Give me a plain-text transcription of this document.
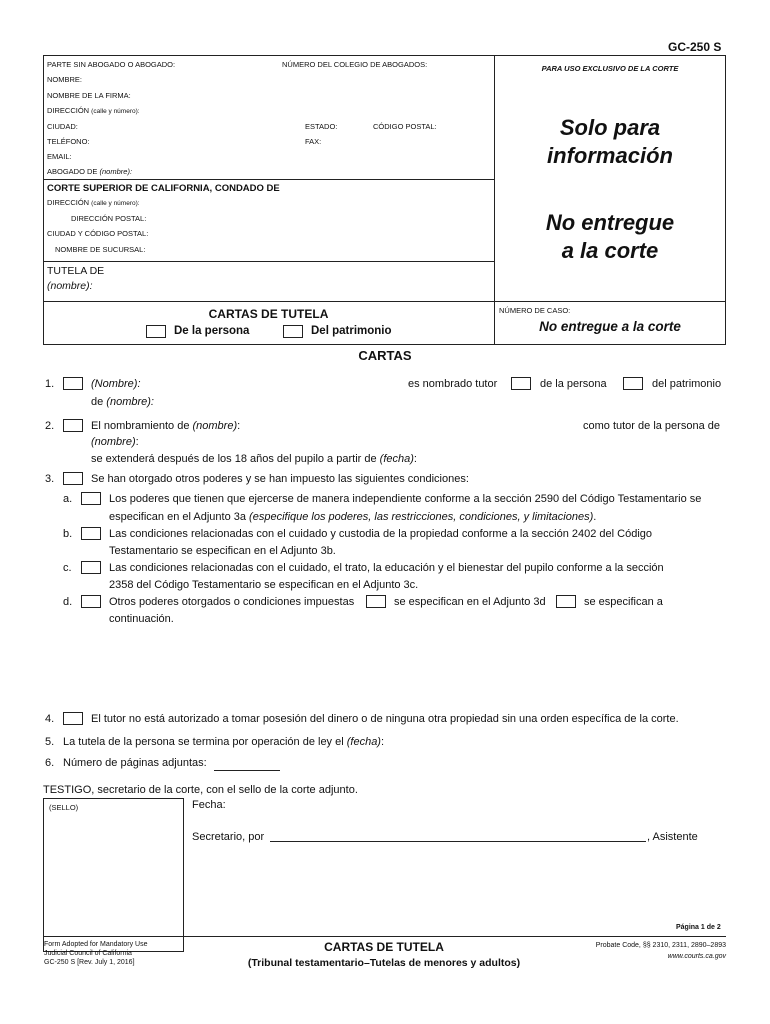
GC-250 S
PARTE SIN ABOGADO O ABOGADO:	NÚMERO DEL COLEGIO DE ABOGADOS:
NOMBRE:
NOMBRE DE LA FIRMA:
DIRECCIÓN (calle y número):
CIUDAD:	ESTADO:	CÓDIGO POSTAL:
TELÉFONO:	FAX:
EMAIL:
ABOGADO DE (nombre):
PARA USO EXCLUSIVO DE LA CORTE
Solo para
información
No entregue
a la corte
CORTE SUPERIOR DE CALIFORNIA, CONDADO DE
DIRECCIÓN (calle y número):
DIRECCIÓN POSTAL:
CIUDAD Y CÓDIGO POSTAL:
NOMBRE DE SUCURSAL:
TUTELA DE
(nombre):
CARTAS DE TUTELA
De la persona	Del patrimonio
NÚMERO DE CASO:
No entregue a la corte
CARTAS
1.	(Nombre):	es nombrado tutor	de la persona	del patrimonio
de (nombre):
2.	El nombramiento de (nombre):	como tutor de la persona de
(nombre):
se extenderá después de los 18 años del pupilo a partir de (fecha):
3.	Se han otorgado otros poderes y se han impuesto las siguientes condiciones:
a.	Los poderes que tienen que ejercerse de manera independiente conforme a la sección 2590 del Código Testamentario se
especifican en el Adjunto 3a (especifique los poderes, las restricciones, condiciones, y limitaciones).
b.	Las condiciones relacionadas con el cuidado y custodia de la propiedad conforme a la sección 2402 del Código
Testamentario se especifican en el Adjunto 3b.
c.	Las condiciones relacionadas con el cuidado, el trato, la educación y el bienestar del pupilo conforme a la sección
2358 del Código Testamentario se especifican en el Adjunto 3c.
d.	Otros poderes otorgados o condiciones impuestas	se especifican en el Adjunto 3d	se especifican a
continuación.
4.	El tutor no está autorizado a tomar posesión del dinero o de ninguna otra propiedad sin una orden específica de la corte.
5. La tutela de la persona se termina por operación de ley el (fecha):
6. Número de páginas adjuntas:
TESTIGO, secretario de la corte, con el sello de la corte adjunto.
(SELLO)	Fecha:
Secretario, por	, Asistente
Página 1 de 2
Form Adopted for Mandatory Use
Judicial Council of California
GC-250 S [Rev. July 1, 2016]
CARTAS DE TUTELA
(Tribunal testamentario–Tutelas de menores y adultos)
Probate Code, §§ 2310, 2311, 2890–2893
www.courts.ca.gov
